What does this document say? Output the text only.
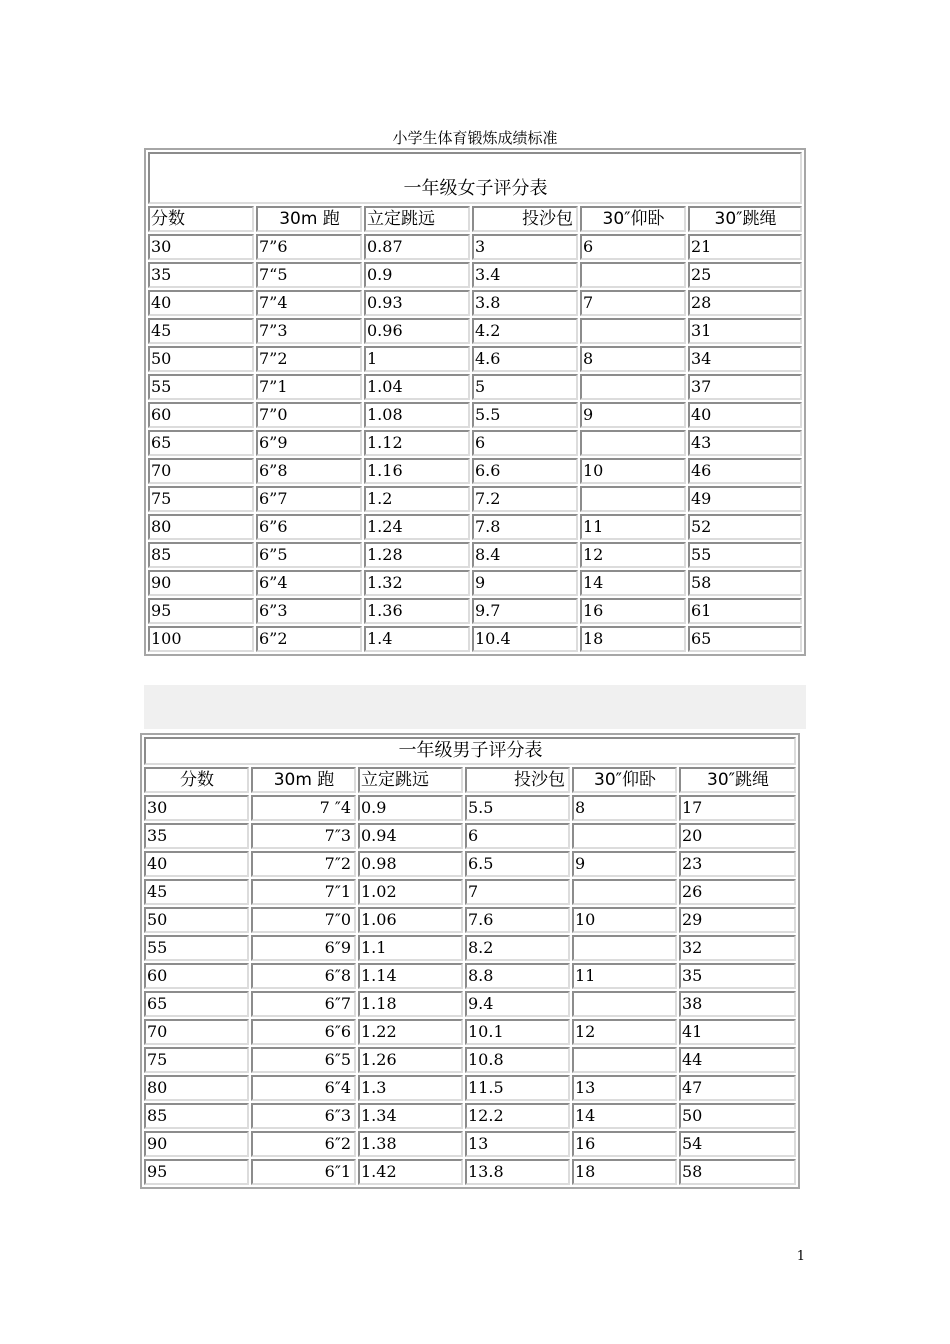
小学生体育锻炼成绩标准
一年级女子评分表					
分数	30m 跑	立定跳远	投沙包	30″仰卧	30″跳绳
30	7”6	0.87	3	6	21
35	7“5	0.9	3.4		25
40	7”4	0.93	3.8	7	28
45	7”3	0.96	4.2		31
50	7”2	1	4.6	8	34
55	7”1	1.04	5		37
60	7”0	1.08	5.5	9	40
65	6”9	1.12	6		43
70	6”8	1.16	6.6	10	46
75	6”7	1.2	7.2		49
80	6”6	1.24	7.8	11	52
85	6”5	1.28	8.4	12	55
90	6”4	1.32	9	14	58
95	6”3	1.36	9.7	16	61
100	6”2	1.4	10.4	18	65
一年级男子评分表					
分数	30m 跑	立定跳远	投沙包	30″仰卧	30″跳绳
30	7 ″4	0.9	5.5	8	17
35	7″3	0.94	6		20
40	7″2	0.98	6.5	9	23
45	7″1	1.02	7		26
50	7″0	1.06	7.6	10	29
55	6″9	1.1	8.2		32
60	6″8	1.14	8.8	11	35
65	6″7	1.18	9.4		38
70	6″6	1.22	10.1	12	41
75	6″5	1.26	10.8		44
80	6″4	1.3	11.5	13	47
85	6″3	1.34	12.2	14	50
90	6″2	1.38	13	16	54
95	6″1	1.42	13.8	18	58
1
